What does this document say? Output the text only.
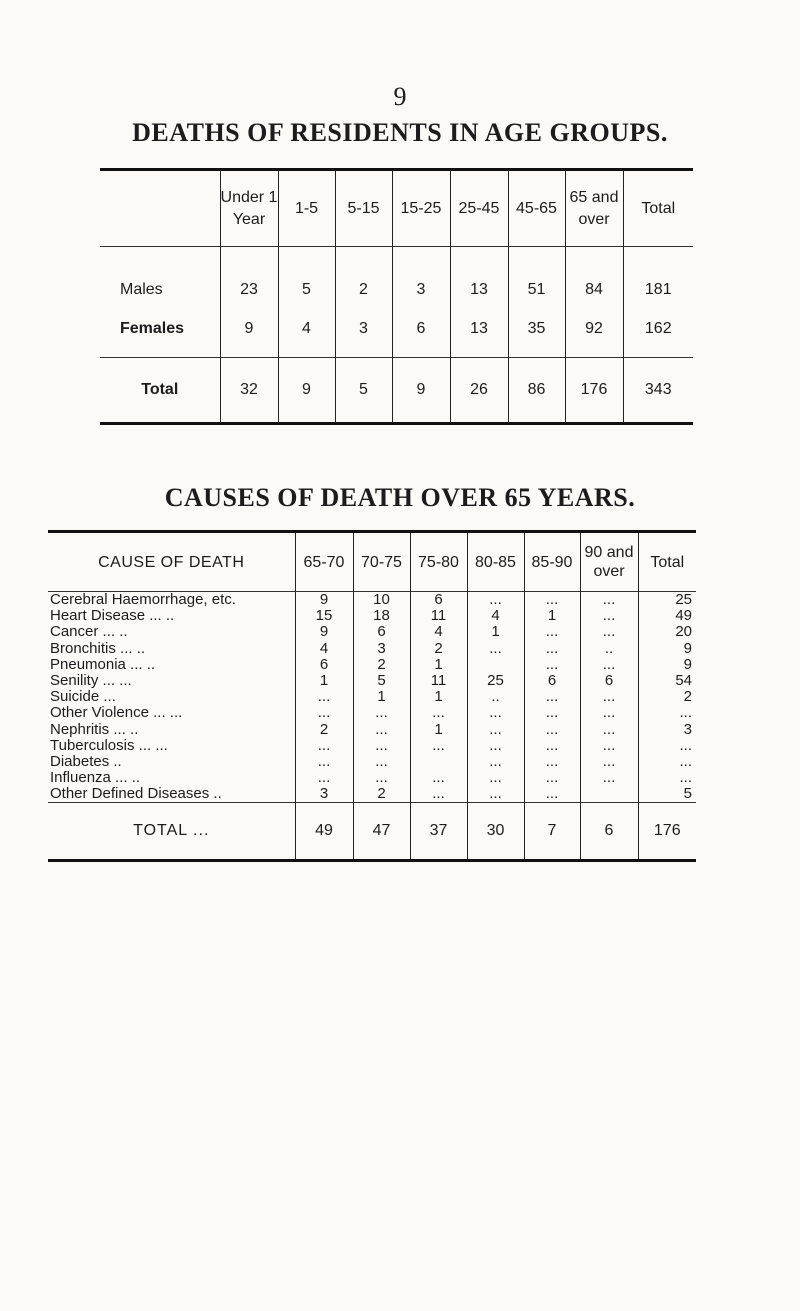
9
DEATHS OF RESIDENTS IN AGE GROUPS.
	Under 1 Year	1-5	5-15	15-25	25-45	45-65	65 and over	Total

Males	23	5	2	3	13	51	84	181
Females	9	4	3	6	13	35	92	162

Total	32	9	5	9	26	86	176	343
CAUSES OF DEATH OVER 65 YEARS.
CAUSE OF DEATH	65-70	70-75	75-80	80-85	85-90	90 and over	Total
Cerebral Haemorrhage, etc.	9	10	6	...	...	...	25
Heart Disease ... ..	15	18	11	4	1	...	49
Cancer ... ..	9	6	4	1	...	...	20
Bronchitis ... ..	4	3	2	...	...	..	9
Pneumonia ... ..	6	2	1		...	...	9
Senility ... ...	1	5	11	25	6	6	54
Suicide ...	...	1	1	..	...	...	2
Other Violence ... ...	...	...	...	...	...	...	...
Nephritis ... ..	2	...	1	...	...	...	3
Tuberculosis ... ...	...	...	...	...	...	...	...
Diabetes ..	...	...		...	...	...	...
Influenza ... ..	...	...	...	...	...	...	...
Other Defined Diseases ..	3	2	...	...	...		5
TOTAL ...	49	47	37	30	7	6	176
